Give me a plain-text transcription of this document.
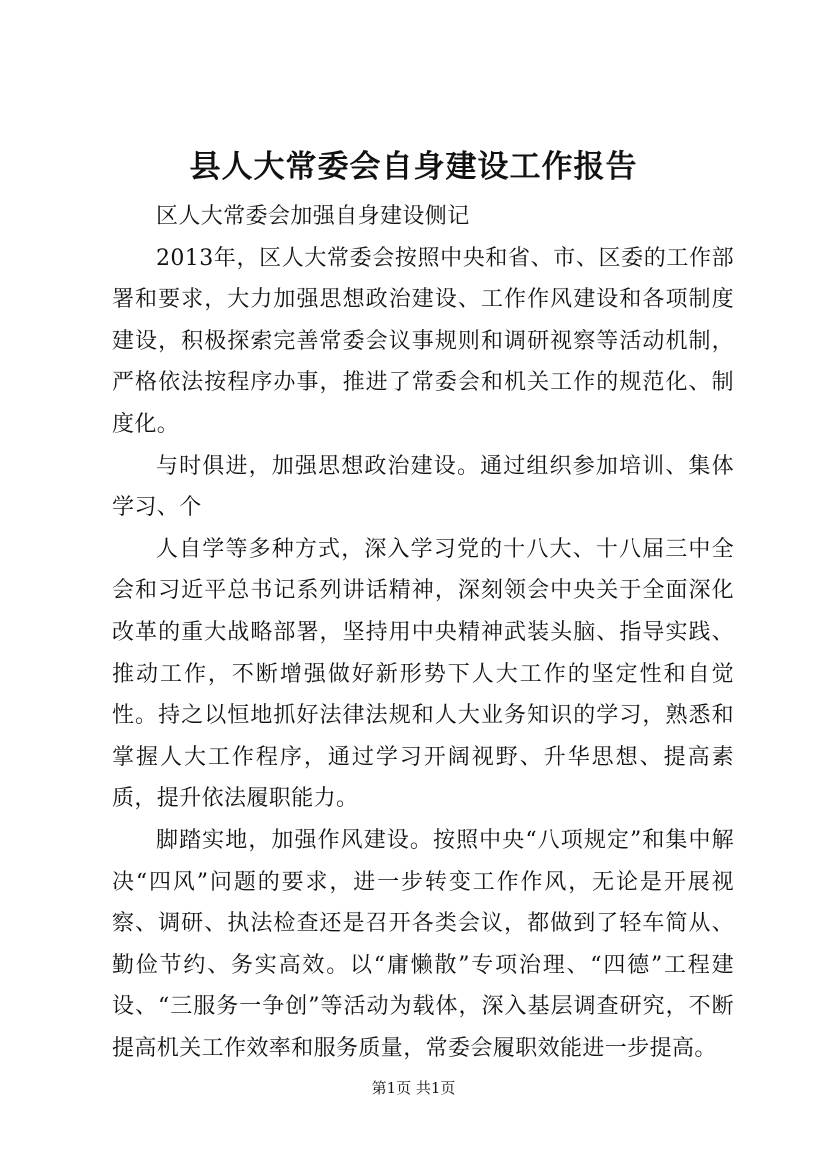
县人大常委会自身建设工作报告

区人大常委会加强自身建设侧记

2013年，区人大常委会按照中央和省、市、区委的工作部署和要求，大力加强思想政治建设、工作作风建设和各项制度建设，积极探索完善常委会议事规则和调研视察等活动机制，严格依法按程序办事，推进了常委会和机关工作的规范化、制度化。

与时俱进，加强思想政治建设。通过组织参加培训、集体学习、个

人自学等多种方式，深入学习党的十八大、十八届三中全会和习近平总书记系列讲话精神，深刻领会中央关于全面深化改革的重大战略部署，坚持用中央精神武装头脑、指导实践、推动工作，不断增强做好新形势下人大工作的坚定性和自觉性。持之以恒地抓好法律法规和人大业务知识的学习，熟悉和掌握人大工作程序，通过学习开阔视野、升华思想、提高素质，提升依法履职能力。

脚踏实地，加强作风建设。按照中央“八项规定”和集中解决“四风”问题的要求，进一步转变工作作风，无论是开展视察、调研、执法检查还是召开各类会议，都做到了轻车简从、勤俭节约、务实高效。以“庸懒散”专项治理、“四德”工程建设、“三服务一争创”等活动为载体，深入基层调查研究，不断提高机关工作效率和服务质量，常委会履职效能进一步提高。

第1页 共1页
